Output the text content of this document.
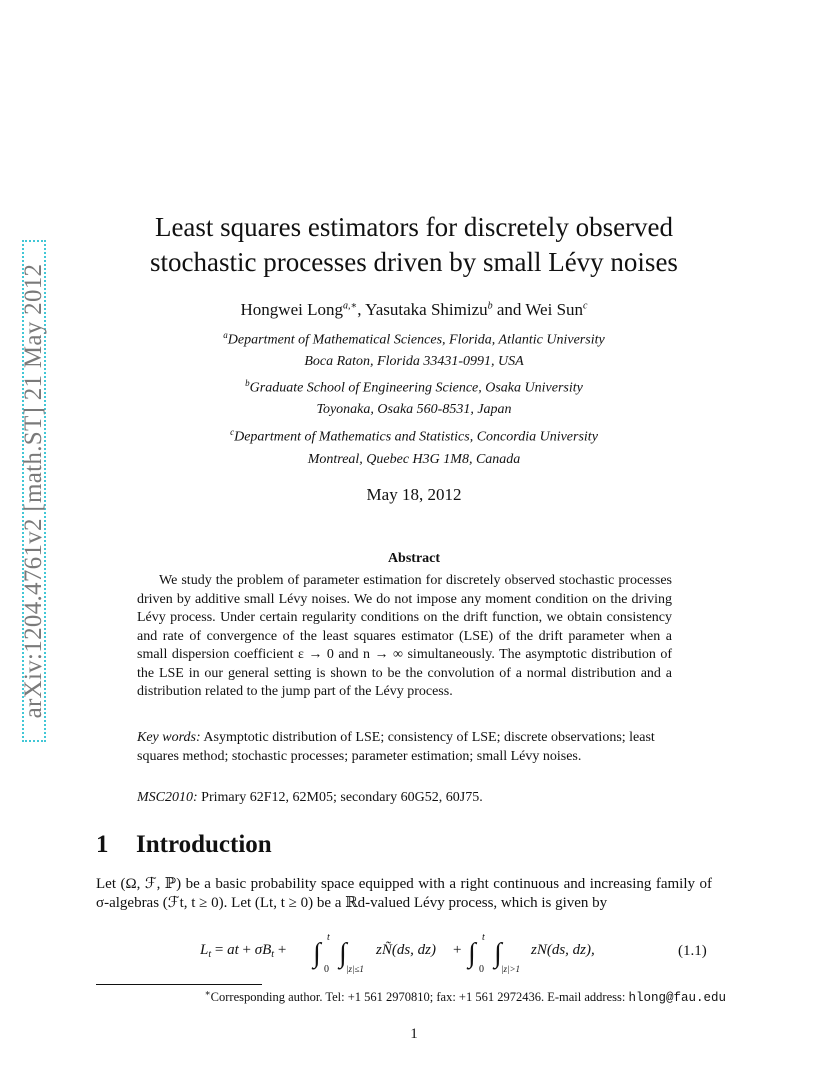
arXiv:1204.4761v2 [math.ST] 21 May 2012
Least squares estimators for discretely observed
stochastic processes driven by small Lévy noises
Hongwei Long$^{a,∗}$, Yasutaka Shimizu$^b$ and Wei Sun$^c$
$^a$Department of Mathematical Sciences, Florida, Atlantic University
Boca Raton, Florida 33431-0991, USA
$^b$Graduate School of Engineering Science, Osaka University
Toyonaka, Osaka 560-8531, Japan
$^c$Department of Mathematics and Statistics, Concordia University
Montreal, Quebec H3G 1M8, Canada
May 18, 2012
Abstract
We study the problem of parameter estimation for discretely observed stochastic processes driven by additive small Lévy noises. We do not impose any moment condition on the driving Lévy process. Under certain regularity conditions on the drift function, we obtain consistency and rate of convergence of the least squares estimator (LSE) of the drift parameter when a small dispersion coefficient ε → 0 and n → ∞ simultaneously. The asymptotic distribution of the LSE in our general setting is shown to be the convolution of a normal distribution and a distribution related to the jump part of the Lévy process.
Key words: Asymptotic distribution of LSE; consistency of LSE; discrete observations; least squares method; stochastic processes; parameter estimation; small Lévy noises.
MSC2010: Primary 62F12, 62M05; secondary 60G52, 60J75.
1 Introduction
Let (Ω, ℱ, ℙ) be a basic probability space equipped with a right continuous and increasing family of σ-algebras (ℱt, t ≥ 0). Let (Lt, t ≥ 0) be a ℝd-valued Lévy process, which is given by
$L_t$ = at + $\sigma B_t$ + ∫
t
0
∫ |z|≤1
zÑ(ds, dz) + ∫
t
0
∫ |z|>1
zN(ds, dz),	(1.1)
∗Corresponding author. Tel: +1 561 2970810; fax: +1 561 2972436. E-mail address: hlong@fau.edu
1
